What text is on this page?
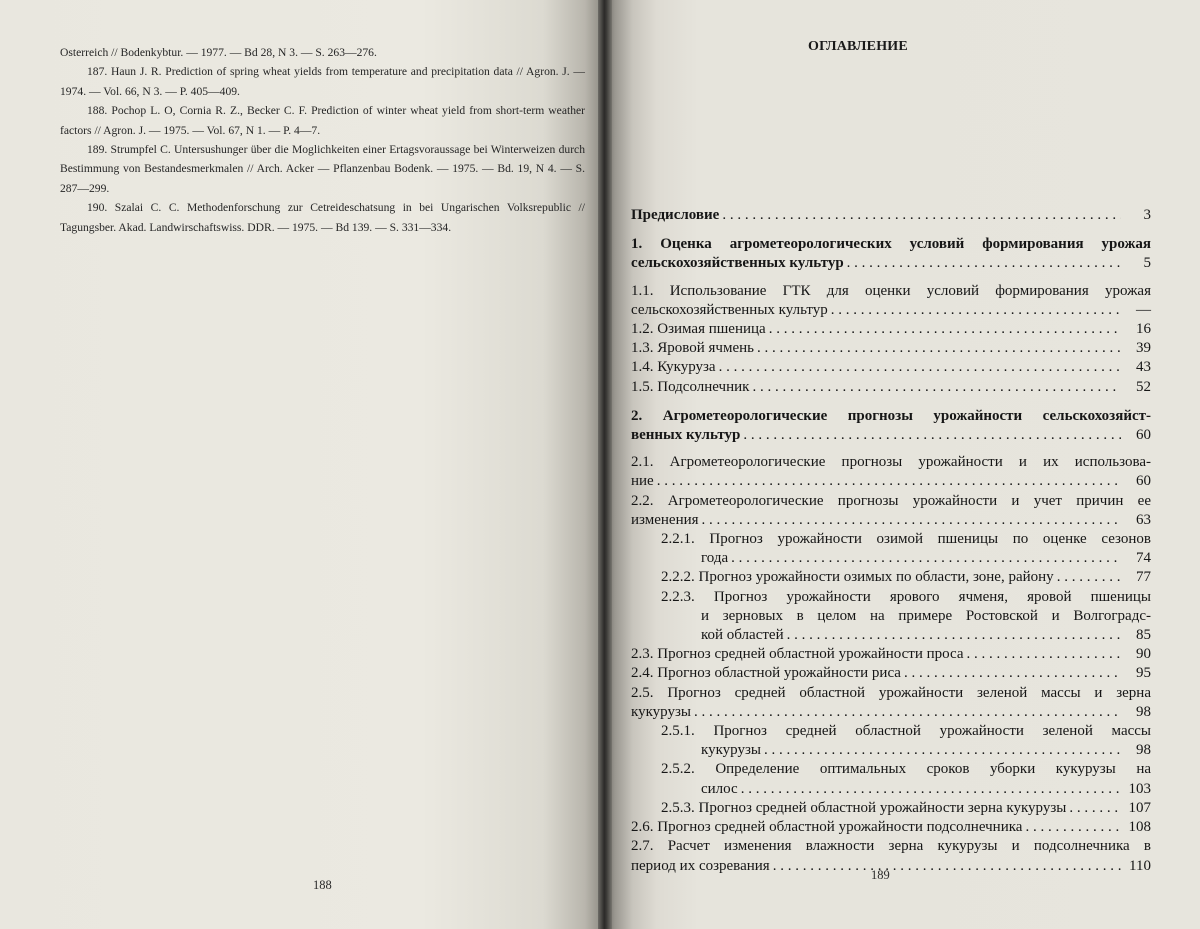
Osterreich // Bodenkybtur. — 1977. — Bd 28, N 3. — S. 263—276.
187. Haun J. R. Prediction of spring wheat yields from temperature and precipitation data // Agron. J. — 1974. — Vol. 66, N 3. — P. 405—409.
188. Pochop L. O, Cornia R. Z., Becker C. F. Prediction of winter wheat yield from short-term weather factors // Agron. J. — 1975. — Vol. 67, N 1. — P. 4—7.
189. Strumpfel C. Untersushunger über die Moglichkeiten einer Ertagsvoraussage bei Winterweizen durch Bestimmung von Bestandesmerkmalen // Arch. Acker — Pflanzenbau Bodenk. — 1975. — Bd. 19, N 4. — S. 287—299.
190. Szalai C. C. Methodenforschung zur Cetreideschatsung in bei Ungarischen Volksrepublic // Tagungsber. Akad. Landwirschaftswiss. DDR. — 1975. — Bd 139. — S. 331—334.
188
ОГЛАВЛЕНИЕ
Предисловие . . .	3
1. Оценка агрометеорологических условий формирования урожая
сельскохозяйственных культур . . .	5
1.1. Использование ГТК для оценки условий формирования урожая
сельскохозяйственных культур . . .	—
1.2. Озимая пшеница . . .	16
1.3. Яровой ячмень . . .	39
1.4. Кукуруза . . .	43
1.5. Подсолнечник . . .	52
2. Агрометеорологические прогнозы урожайности сельскохозяйст-
венных культур . . .	60
2.1. Агрометеорологические прогнозы урожайности и их использова-
ние . . .	60
2.2. Агрометеорологические прогнозы урожайности и учет причин ее
изменения . . .	63
2.2.1. Прогноз урожайности озимой пшеницы по оценке сезонов
года . . .	74
2.2.2. Прогноз урожайности озимых по области, зоне, району . . .	77
2.2.3. Прогноз урожайности ярового ячменя, яровой пшеницы
и зерновых в целом на примере Ростовской и Волгоградс-
кой областей . . .	85
2.3. Прогноз средней областной урожайности проса . . .	90
2.4. Прогноз областной урожайности риса . . .	95
2.5. Прогноз средней областной урожайности зеленой массы и зерна
кукурузы . . .	98
2.5.1. Прогноз средней областной урожайности зеленой массы
кукурузы . . .	98
2.5.2. Определение оптимальных сроков уборки кукурузы на
силос . . .	103
2.5.3. Прогноз средней областной урожайности зерна кукурузы . . .	107
2.6. Прогноз средней областной урожайности подсолнечника . . .	108
2.7. Расчет изменения влажности зерна кукурузы и подсолнечника в
период их созревания . . .	110
189
